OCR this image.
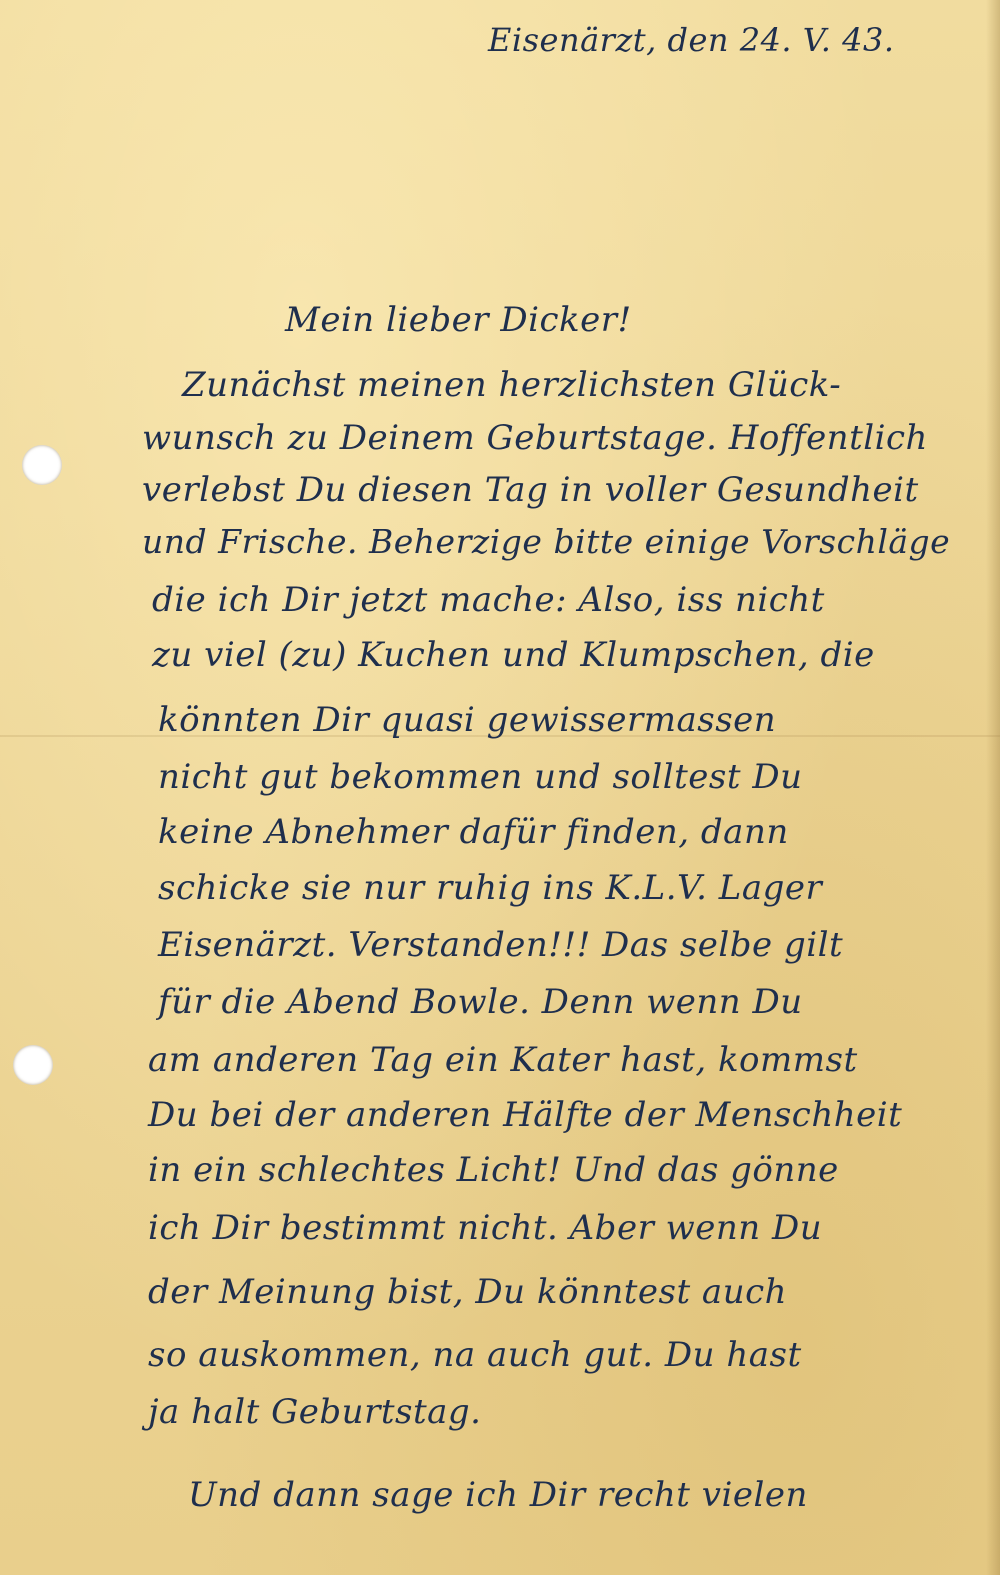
Eisenärzt, den 24. V. 43.

Mein lieber Dicker!

Zunächst meinen herzlichsten Glück-

wunsch zu Deinem Geburtstage. Hoffentlich

verlebst Du diesen Tag in voller Gesundheit

und Frische. Beherzige bitte einige Vorschläge

die ich Dir jetzt mache: Also, iss nicht

zu viel (zu) Kuchen und Klumpschen, die

könnten Dir quasi gewissermassen

nicht gut bekommen und solltest Du

keine Abnehmer dafür finden, dann

schicke sie nur ruhig ins K.L.V. Lager

Eisenärzt. Verstanden!!! Das selbe gilt

für die Abend Bowle. Denn wenn Du

am anderen Tag ein Kater hast, kommst

Du bei der anderen Hälfte der Menschheit

in ein schlechtes Licht! Und das gönne

ich Dir bestimmt nicht. Aber wenn Du

der Meinung bist, Du könntest auch

so auskommen, na auch gut. Du hast

ja halt Geburtstag.

Und dann sage ich Dir recht vielen
